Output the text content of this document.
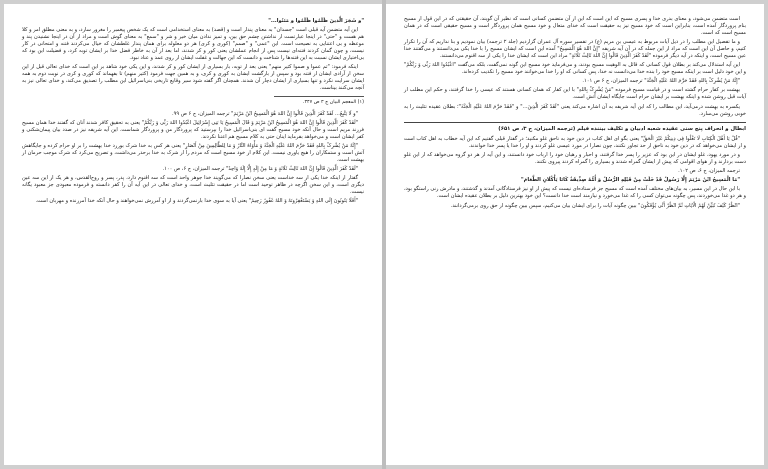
"و شَجَرَ الَّذینَ ظَلَمُوا ظَلَمُوا و مَنَنُوا..."

این آیه متضمن آیه قبلی است "جسدان" به معنای پندار است و (قصد) به معنای استخدامی است که یک شخص پیغمبر را مغرور سازد، و به معنی مطلق امر و کلا هم هست و "حتی" در اینجا عبارتست از نداشتن چشم حق بین، و تمیز ندادن میان خیر و شر و "سمع" به معنای گوش است و مراد از آن در اینجا نشنیدن پند و موعظه و بی اعتنایی به نصیحت است. این "عمی" و "صمم" (کوری و کری) هر دو معلوله برای همان پندار غلطشان که خیال می‌کردند فتنه و امتحانی در کار نیست، و چون گمان کردند فتنه‌ای نیست پس از انجام عملشان یعنی کور و کر شدند، اما بعد از آن به خاطر فضل خدا بر ایشان توبه کرد، و فضیلت این بود که بی‌اختیاری ایشان نسبت به این فتنه‌ها را شناخت و دانست که این جهالت و غفلت ایشان از روی عمد و عناد نبود.

اینکه فرمود: "ثم عموا و صموا کثیر منهم" یعنی بعد از توبه، باز بسیاری از ایشان کور و کر شدند، و این یکی خود شاهد بر این است که خدای تعالی قبل از این سخن از آزادی ایشان از فتنه بود و سپس از بازگشت ایشان به کوری و کری، و به همین جهت فرمود (کثیر منهم) تا بفهماند که کوری و کری در نوبت دوم به همه ایشان سرایت نکرد و تنها بسیاری از ایشان دچار آن شدند. همچنان اگر گفته شود سیر وقایع تاریخی بنی‌اسرائیل این مطلب را تصدیق می‌کند، و خدای تعالی نیز به آنچه می‌کنند بیناست.

(۱) المعجم البیان ج ۳ ص ۳۴۷.

"و لَا یَتَّبِعُ... لَقَدْ کَفَرَ الَّذِینَ قَالُوا إِنَّ اللهَ هُوَ الْمَسِیحُ ابْنُ مَرْیَمَ" ترجمه المیزان، ج ۶ ص ۹۹.

"لَقَدْ کَفَرَ الَّذِینَ قَالُوا إِنَّ اللهَ هُوَ الْمَسِیحُ ابْنُ مَرْیَمَ وَ قَالَ الْمَسِیحُ یَا بَنِی إِسْرَائِیلَ اعْبُدُوا اللهَ رَبِّی وَ رَبَّکُمْ" یعنی به تحقیق کافر شدند آنان که گفتند خدا همان مسیح فرزند مریم است و حال آنکه خود مسیح گفت ای بنی‌اسرائیل خدا را بپرستید که پروردگار من و پروردگار شماست. این آیه شریفه نیز در صدد بیان پیمان‌شکنی و کفر ایشان است و می‌خواهد بفرماید اینان حتی به کلام مسیح هم اعتنا نکردند.

"إِنَّهُ مَنْ یُشْرِکْ بِاللهِ فَقَدْ حَرَّمَ اللهُ عَلَیْهِ الْجَنَّةَ وَ مَأْوَاهُ النَّارُ وَ مَا لِلظَّالِمِینَ مِنْ أَنْصَارٍ" یعنی هر کس به خدا شرک بورزد خدا بهشت را بر او حرام کرده و جایگاهش آتش است و ستمکاران را هیچ یاوری نیست. این کلام از خود مسیح است که مردم را از شرک به خدا برحذر می‌داشت، و تصریح می‌کرد که شرک موجب حرمان از بهشت است.

"لَقَدْ کَفَرَ الَّذِینَ قَالُوا إِنَّ اللهَ ثَالِثُ ثَلَاثَةٍ وَ مَا مِنْ إِلَهٍ إِلَّا إِلَهٌ وَاحِدٌ" ترجمه المیزان، ج ۶، ص ۱۰۰.

گفتار از اینکه خدا یکی از سه خداست یعنی سخن نصارا که می‌گویند خدا جوهر واحد است که سه اقنوم دارد، پدر، پسر و روح‌القدس، و هر یک از این سه عین دیگری است، و این سخن اگرچه در ظاهر توحید است اما در حقیقت تثلیث است، و خدای تعالی در این آیه آن را کفر دانسته و فرموده معبودی جز معبود یگانه نیست.

"أَفَلَا یَتُوبُونَ إِلَى اللهِ وَ یَسْتَغْفِرُونَهُ وَ اللهُ غَفُورٌ رَحِیمٌ" یعنی آیا به سوی خدا بازنمی‌گردند و از او آمرزش نمی‌خواهند و حال آنکه خدا آمرزنده و مهربان است.

است متضمن می‌شود، و معنای بدری خدا و پسری مسیح که این است که این از آن متضمن کسانی است که نظیر آن گویند، آن حقیقتی که در این قول از مسیح بنام پروردگار آمده است، بنابراین است که خود مسیح نیز به حقیقت است که خدای متعال و خود مسیح همان پروردگار است و مسیح حقیقی است که در همان مسیح است که است.

و ما تفصیل این مطلب را در ذیل آیات مربوط به عیسی بن مریم (ع) در تفسیر سوره آل عمران گزاردیم (جلد ۲ ترجمه) بیان نمودیم و بنا نداریم که آن را تکرار کنیم، و حاصل آن این است که مراد از این جمله که در آن آیه شریفه "إِنَّ اللهَ هُوَ الْمَسِیحُ" آمده این است که ایشان مسیح را با خدا یکی می‌دانستند و می‌گفتند خدا عین مسیح است، و اینکه در آیه دیگر فرموده "لَقَدْ کَفَرَ الَّذِینَ قَالُوا إِنَّ اللهَ ثَالِثُ ثَلَاثَةٍ" مراد این است که ایشان خدا را یکی از سه اقنوم می‌دانستند.

این آیه استدلال می‌کند بر بطلان قول کسانی که قائل به الوهیت مسیح بودند، و می‌فرماید خود مسیح این گونه نمی‌گفت، بلکه می‌گفت "اعْبُدُوا اللهَ رَبِّی وَ رَبَّکُمْ" و این خود دلیل است بر اینکه مسیح خود را بنده خدا می‌دانست نه خدا، پس کسانی که او را خدا می‌خوانند خود مسیح را تکذیب کرده‌اند.

"إِنَّهُ مَنْ یُشْرِکْ بِاللهِ فَقَدْ حَرَّمَ اللهُ عَلَیْهِ الْجَنَّةَ" ترجمه المیزان، ج ۶ ص ۱۰۱.

بهشت بر کفار حرام گشته است و در قیامت مسیح فرموده "مَنْ یُشْرِکْ بِاللهِ" با این کفار که همان کسانی هستند که عیسی را خدا گرفتند، و حکم این مطلب از آیات قبل روشن شده و اینکه بهشت بر ایشان حرام است جایگاه ایشان آتش است.

یکسره به بهشت درمی‌آید، این مطالب را که این آیه شریفه به آن اشاره می‌کند یعنی "لَقَدْ کَفَرَ الَّذِینَ..." و "فَقَدْ حَرَّمَ اللهُ عَلَیْهِ الْجَنَّةَ"؛ بطلان عقیده تثلیث را به خوبی روشن می‌سازد.

ابطال و انحراف پنج سنی عقیده شعبه ادبیان و تکلیف بیننده فیلم (ترجمه المیزان، ج ۳، ص ۶۵۱)

"قُلْ یَا أَهْلَ الْکِتَابِ لَا تَغْلُوا فِی دِینِکُمْ غَیْرَ الْحَقِّ" یعنی بگو ای اهل کتاب در دین خود به ناحق غلو مکنید؛ در گفتار قبلی گفتیم که این آیه خطاب به اهل کتاب است و از ایشان می‌خواهد که در دین خود به ناحق از حد تجاوز نکنند، چون نصارا در مورد عیسی غلو کردند و او را خدا یا پسر خدا خواندند.

و در مورد یهود، غلو ایشان در این بود که عزیر را پسر خدا گرفتند، و احبار و رهبان خود را ارباب خود دانستند، و این آیه از هر دو گروه می‌خواهد که از این غلو دست بردارند و از هوای اقوامی که پیش از ایشان گمراه شدند و بسیاری را گمراه کردند پیروی نکنند.

ترجمه المیزان، ج ۶، ص ۱۰۲.

"مَا الْمَسِیحُ ابْنُ مَرْیَمَ إِلَّا رَسُولٌ قَدْ خَلَتْ مِنْ قَبْلِهِ الرُّسُلُ وَ أُمُّهُ صِدِّیقَةٌ کَانَا یَأْکُلَانِ الطَّعَامَ"

با این حال در این مسیر، به بیان‌های مختلف آمده است که مسیح جز فرستاده‌ای نیست که پیش از او نیز فرستادگانی آمدند و گذشتند، و مادرش زنی راستگو بود، و هر دو غذا می‌خوردند، پس چگونه می‌توان کسی را که غذا می‌خورد و نیازمند است خدا دانست؟ این خود بهترین دلیل بر بطلان عقیده ایشان است.

"انْظُرْ کَیْفَ نُبَیِّنُ لَهُمُ الْآیَاتِ ثُمَّ انْظُرْ أَنَّى یُؤْفَکُونَ" ببین چگونه آیات را برای ایشان بیان می‌کنیم، سپس ببین چگونه از حق روی برمی‌گردانند.
